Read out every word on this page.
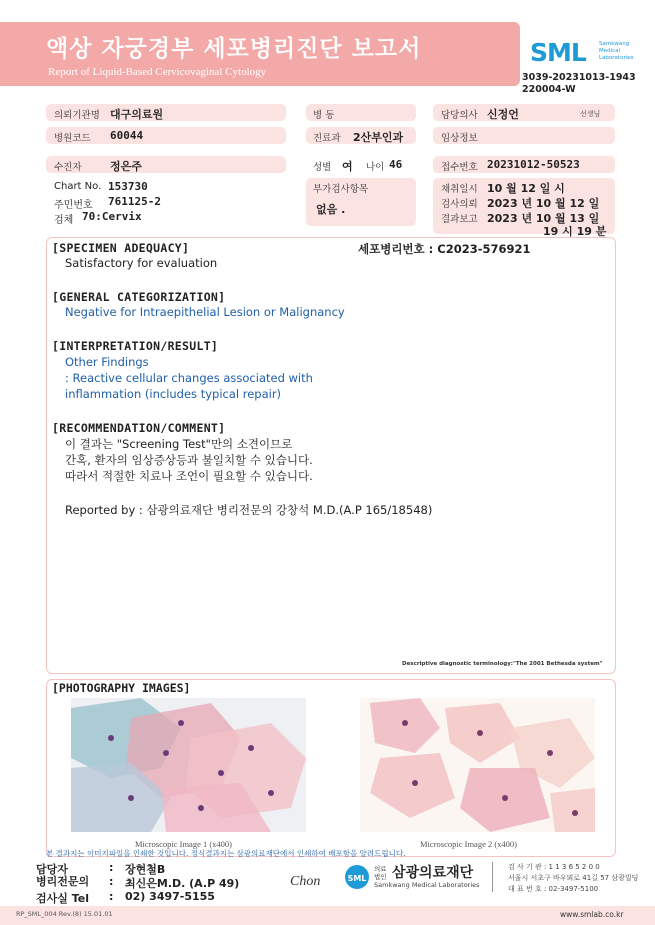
액상 자궁경부 세포병리진단 보고서
Report of Liquid-Based Cervicovaginal Cytology
SML Samkwang
Medical
Laboratories
3039-20231013-1943
220004-W
의뢰기관명 대구의료원	병 동	담당의사 신정언	선생님
병원코드 60044	진료과 2산부인과	임상정보
수진자	정은주	성별 여 나이 46	접수번호 20231012-50523
Chart No. 153730
주민번호 761125-2
검체 70:Cervix
부가검사항목
없음 .
채취일시 10 월 12 일 시
검사의뢰 2023 년 10 월 12 일
결과보고 2023 년 10 월 13 일
19 시 19 분
[SPECIMEN ADEQUACY]	세포병리번호 : C2023-576921
Satisfactory for evaluation
[GENERAL CATEGORIZATION]
Negative for Intraepithelial Lesion or Malignancy
[INTERPRETATION/RESULT]
Other Findings
: Reactive cellular changes associated with
inflammation (includes typical repair)
[RECOMMENDATION/COMMENT]
이 결과는 "Screening Test"만의 소견이므로
간혹, 환자의 임상증상등과 불일치할 수 있습니다.
따라서 적절한 치료나 조언이 필요할 수 있습니다.
Reported by : 삼광의료재단 병리전문의 강창석 M.D.(A.P 165/18548)
Descriptive diagnostic terminology:"The 2001 Bethesda system"
[PHOTOGRAPHY IMAGES]
Microscopic Image 1 (x400)	Microscopic Image 2 (x400)
본 결과지는 이미지파일을 인쇄한 것입니다. 정식결과지는 삼광의료재단에서 인쇄하여 배포함을 알려드립니다.
담당자	: 장현철B
병리전문의 : 최신은M.D. (A.P 49)
검사실 Tel : 02) 3497-5155
Chon	SML
의료
법인 삼광의료재단
Samkwang Medical Laboratories
검 사 기 관 : 1 1 3 6 5 2 0 0
서울시 서초구 바우뫼로 41길 57 삼광빌딩
대 표 번 호 : 02-3497-5100
RP_SML_004 Rev.(8) 15.01.01	www.smlab.co.kr
